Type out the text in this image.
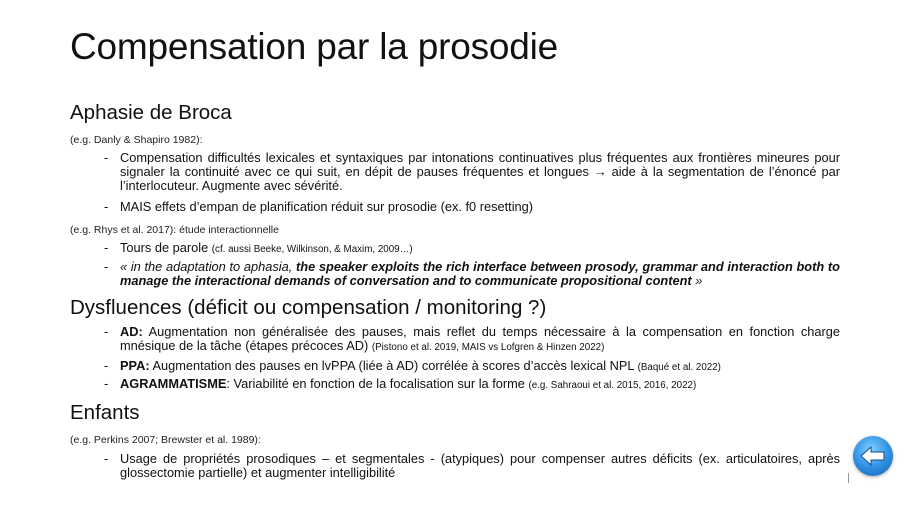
Compensation par la prosodie
Aphasie de Broca
(e.g. Danly & Shapiro 1982):
- Compensation difficultés lexicales et syntaxiques par intonations continuatives plus fréquentes aux frontières mineures pour signaler la continuité avec ce qui suit, en dépit de pauses fréquentes et longues → aide à la segmentation de l’énoncé par l’interlocuteur. Augmente avec sévérité.
- MAIS effets d’empan de planification réduit sur prosodie (ex. f0 resetting)
(e.g. Rhys et al. 2017): étude interactionnelle
- Tours de parole (cf. aussi Beeke, Wilkinson, & Maxim, 2009…)
- « in the adaptation to aphasia, the speaker exploits the rich interface between prosody, grammar and interaction both to manage the interactional demands of conversation and to communicate propositional content »
Dysfluences (déficit ou compensation / monitoring ?)
- AD: Augmentation non généralisée des pauses, mais reflet du temps nécessaire à la compensation en fonction charge mnésique de la tâche (étapes précoces AD) (Pistono et al. 2019, MAIS vs Lofgren & Hinzen 2022)
- PPA: Augmentation des pauses en lvPPA (liée à AD) corrélée à scores d’accès lexical NPL (Baqué et al. 2022)
- AGRAMMATISME: Variabilité en fonction de la focalisation sur la forme (e.g. Sahraoui et al. 2015, 2016, 2022)
Enfants
(e.g. Perkins 2007; Brewster et al. 1989):
- Usage de propriétés prosodiques – et segmentales - (atypiques) pour compenser autres déficits (ex. articulatoires, après glossectomie partielle) et augmenter intelligibilité
